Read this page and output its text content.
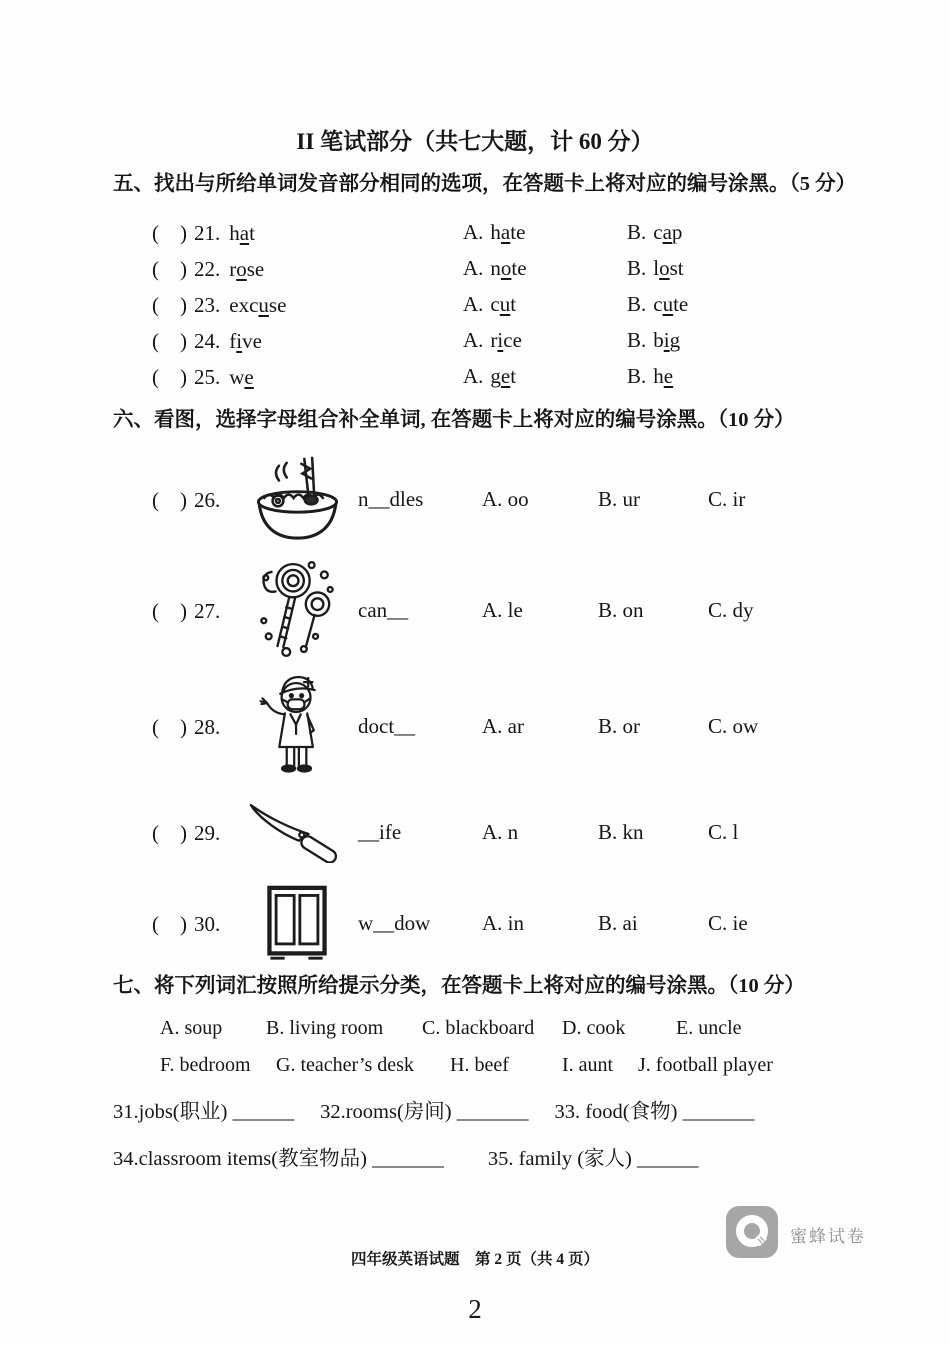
II 笔试部分（共七大题，计 60 分）
五、找出与所给单词发音部分相同的选项，在答题卡上将对应的编号涂黑。（5 分）
(　) 21. hat	A. hate	B. cap
(　) 22. rose	A. note	B. lost
(　) 23. excuse	A. cut	B. cute
(　) 24. five	A. rice	B. big
(　) 25. we	A. get	B. he
六、看图，选择字母组合补全单词, 在答题卡上将对应的编号涂黑。（10 分）
(　) 26.	n__dles	A. oo	B. ur	C. ir
(　) 27.	can__	A. le	B. on	C. dy
(　) 28.	doct__	A. ar	B. or	C. ow
(　) 29.	__ife	A. n	B. kn	C. l
(　) 30.	w__dow	A. in	B. ai	C. ie
七、将下列词汇按照所给提示分类，在答题卡上将对应的编号涂黑。（10 分）
A. soup	B. living room	C. blackboard	D. cook	E. uncle
F. bedroom	G. teacher’s desk	H. beef	I. aunt	J. football player
31.jobs(职业) ______ 32.rooms(房间) _______ 33. food(食物) _______
34.classroom items(教室物品) _______ 35. family (家人) ______
蜜蜂试卷
四年级英语试题　第 2 页（共 4 页）
2
